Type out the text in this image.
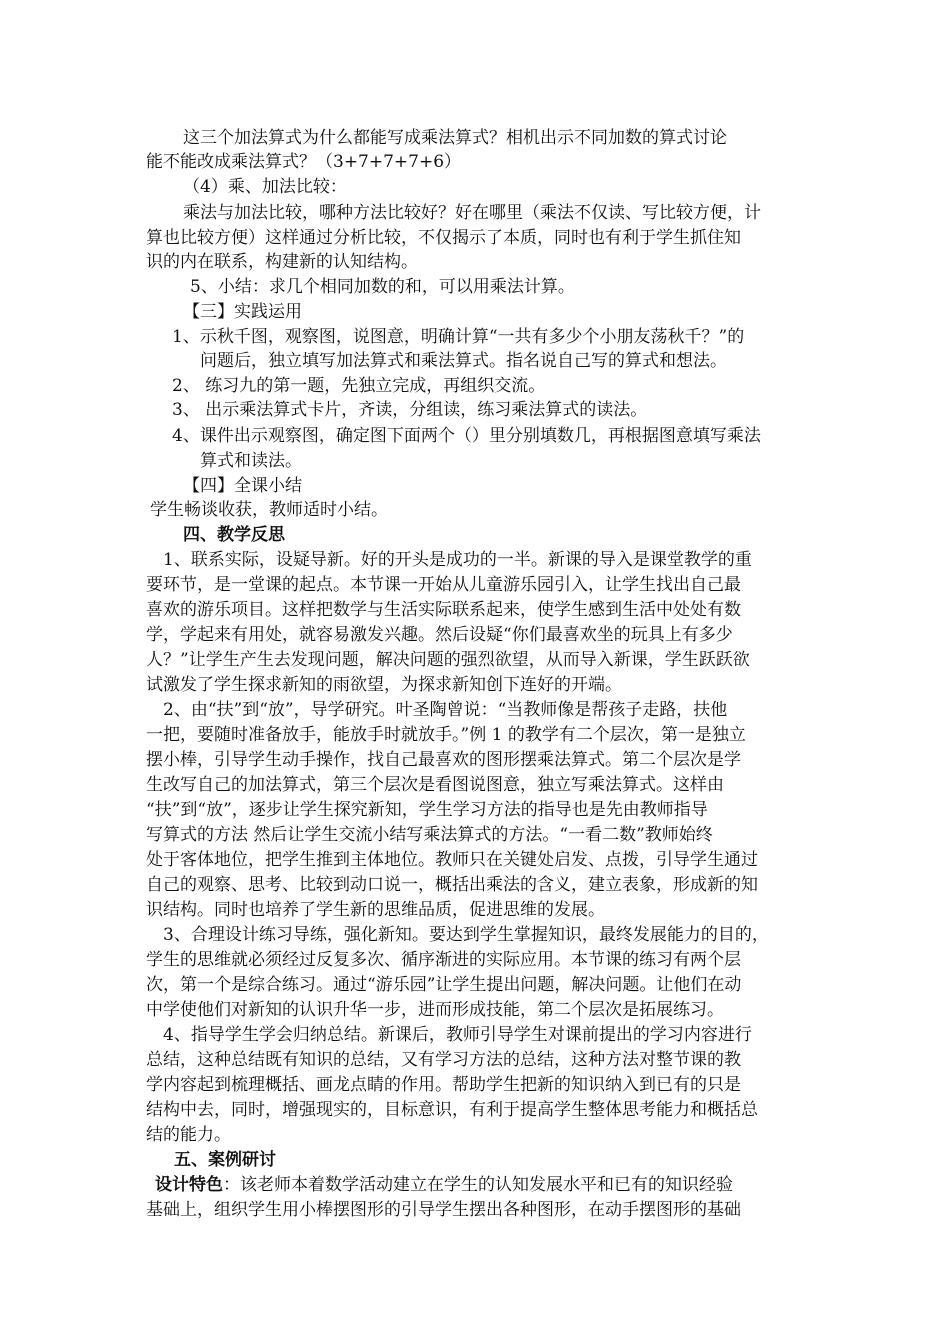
这三个加法算式为什么都能写成乘法算式？相机出示不同加数的算式讨论
能不能改成乘法算式？（3+7+7+7+6）
（4）乘、加法比较：
乘法与加法比较，哪种方法比较好？好在哪里（乘法不仅读、写比较方便，计
算也比较方便）这样通过分析比较，不仅揭示了本质，同时也有利于学生抓住知
识的内在联系，构建新的认知结构。
5、小结：求几个相同加数的和，可以用乘法计算。
【三】实践运用
1、示秋千图，观察图，说图意，明确计算“一共有多少个小朋友荡秋千？”的
问题后，独立填写加法算式和乘法算式。指名说自己写的算式和想法。
2、 练习九的第一题，先独立完成，再组织交流。
3、 出示乘法算式卡片，齐读，分组读，练习乘法算式的读法。
4、课件出示观察图，确定图下面两个（）里分别填数几，再根据图意填写乘法
算式和读法。
【四】全课小结
学生畅谈收获，教师适时小结。
四、教学反思
1、联系实际，设疑导新。好的开头是成功的一半。新课的导入是课堂教学的重
要环节，是一堂课的起点。本节课一开始从儿童游乐园引入，让学生找出自己最
喜欢的游乐项目。这样把数学与生活实际联系起来，使学生感到生活中处处有数
学，学起来有用处，就容易激发兴趣。然后设疑“你们最喜欢坐的玩具上有多少
人？”让学生产生去发现问题，解决问题的强烈欲望，从而导入新课，学生跃跃欲
试激发了学生探求新知的雨欲望，为探求新知创下连好的开端。
2、由“扶”到“放”，导学研究。叶圣陶曾说：“当教师像是帮孩子走路，扶他
一把，要随时准备放手，能放手时就放手。”例 1 的教学有二个层次，第一是独立
摆小棒，引导学生动手操作，找自己最喜欢的图形摆乘法算式。第二个层次是学
生改写自己的加法算式，第三个层次是看图说图意，独立写乘法算式。这样由
“扶”到“放”，逐步让学生探究新知，学生学习方法的指导也是先由教师指导
写算式的方法 然后让学生交流小结写乘法算式的方法。“一看二数”教师始终
处于客体地位，把学生推到主体地位。教师只在关键处启发、点拨，引导学生通过
自己的观察、思考、比较到动口说一，概括出乘法的含义，建立表象，形成新的知
识结构。同时也培养了学生新的思维品质，促进思维的发展。
3、合理设计练习导练，强化新知。要达到学生掌握知识，最终发展能力的目的，
学生的思维就必须经过反复多次、循序渐进的实际应用。本节课的练习有两个层
次，第一个是综合练习。通过“游乐园”让学生提出问题，解决问题。让他们在动
中学使他们对新知的认识升华一步，进而形成技能，第二个层次是拓展练习。
4、指导学生学会归纳总结。新课后，教师引导学生对课前提出的学习内容进行
总结，这种总结既有知识的总结，又有学习方法的总结，这种方法对整节课的教
学内容起到梳理概括、画龙点睛的作用。帮助学生把新的知识纳入到已有的只是
结构中去，同时，增强现实的，目标意识，有利于提高学生整体思考能力和概括总
结的能力。
五、案例研讨
设计特色：该老师本着数学活动建立在学生的认知发展水平和已有的知识经验
基础上，组织学生用小棒摆图形的引导学生摆出各种图形，在动手摆图形的基础
